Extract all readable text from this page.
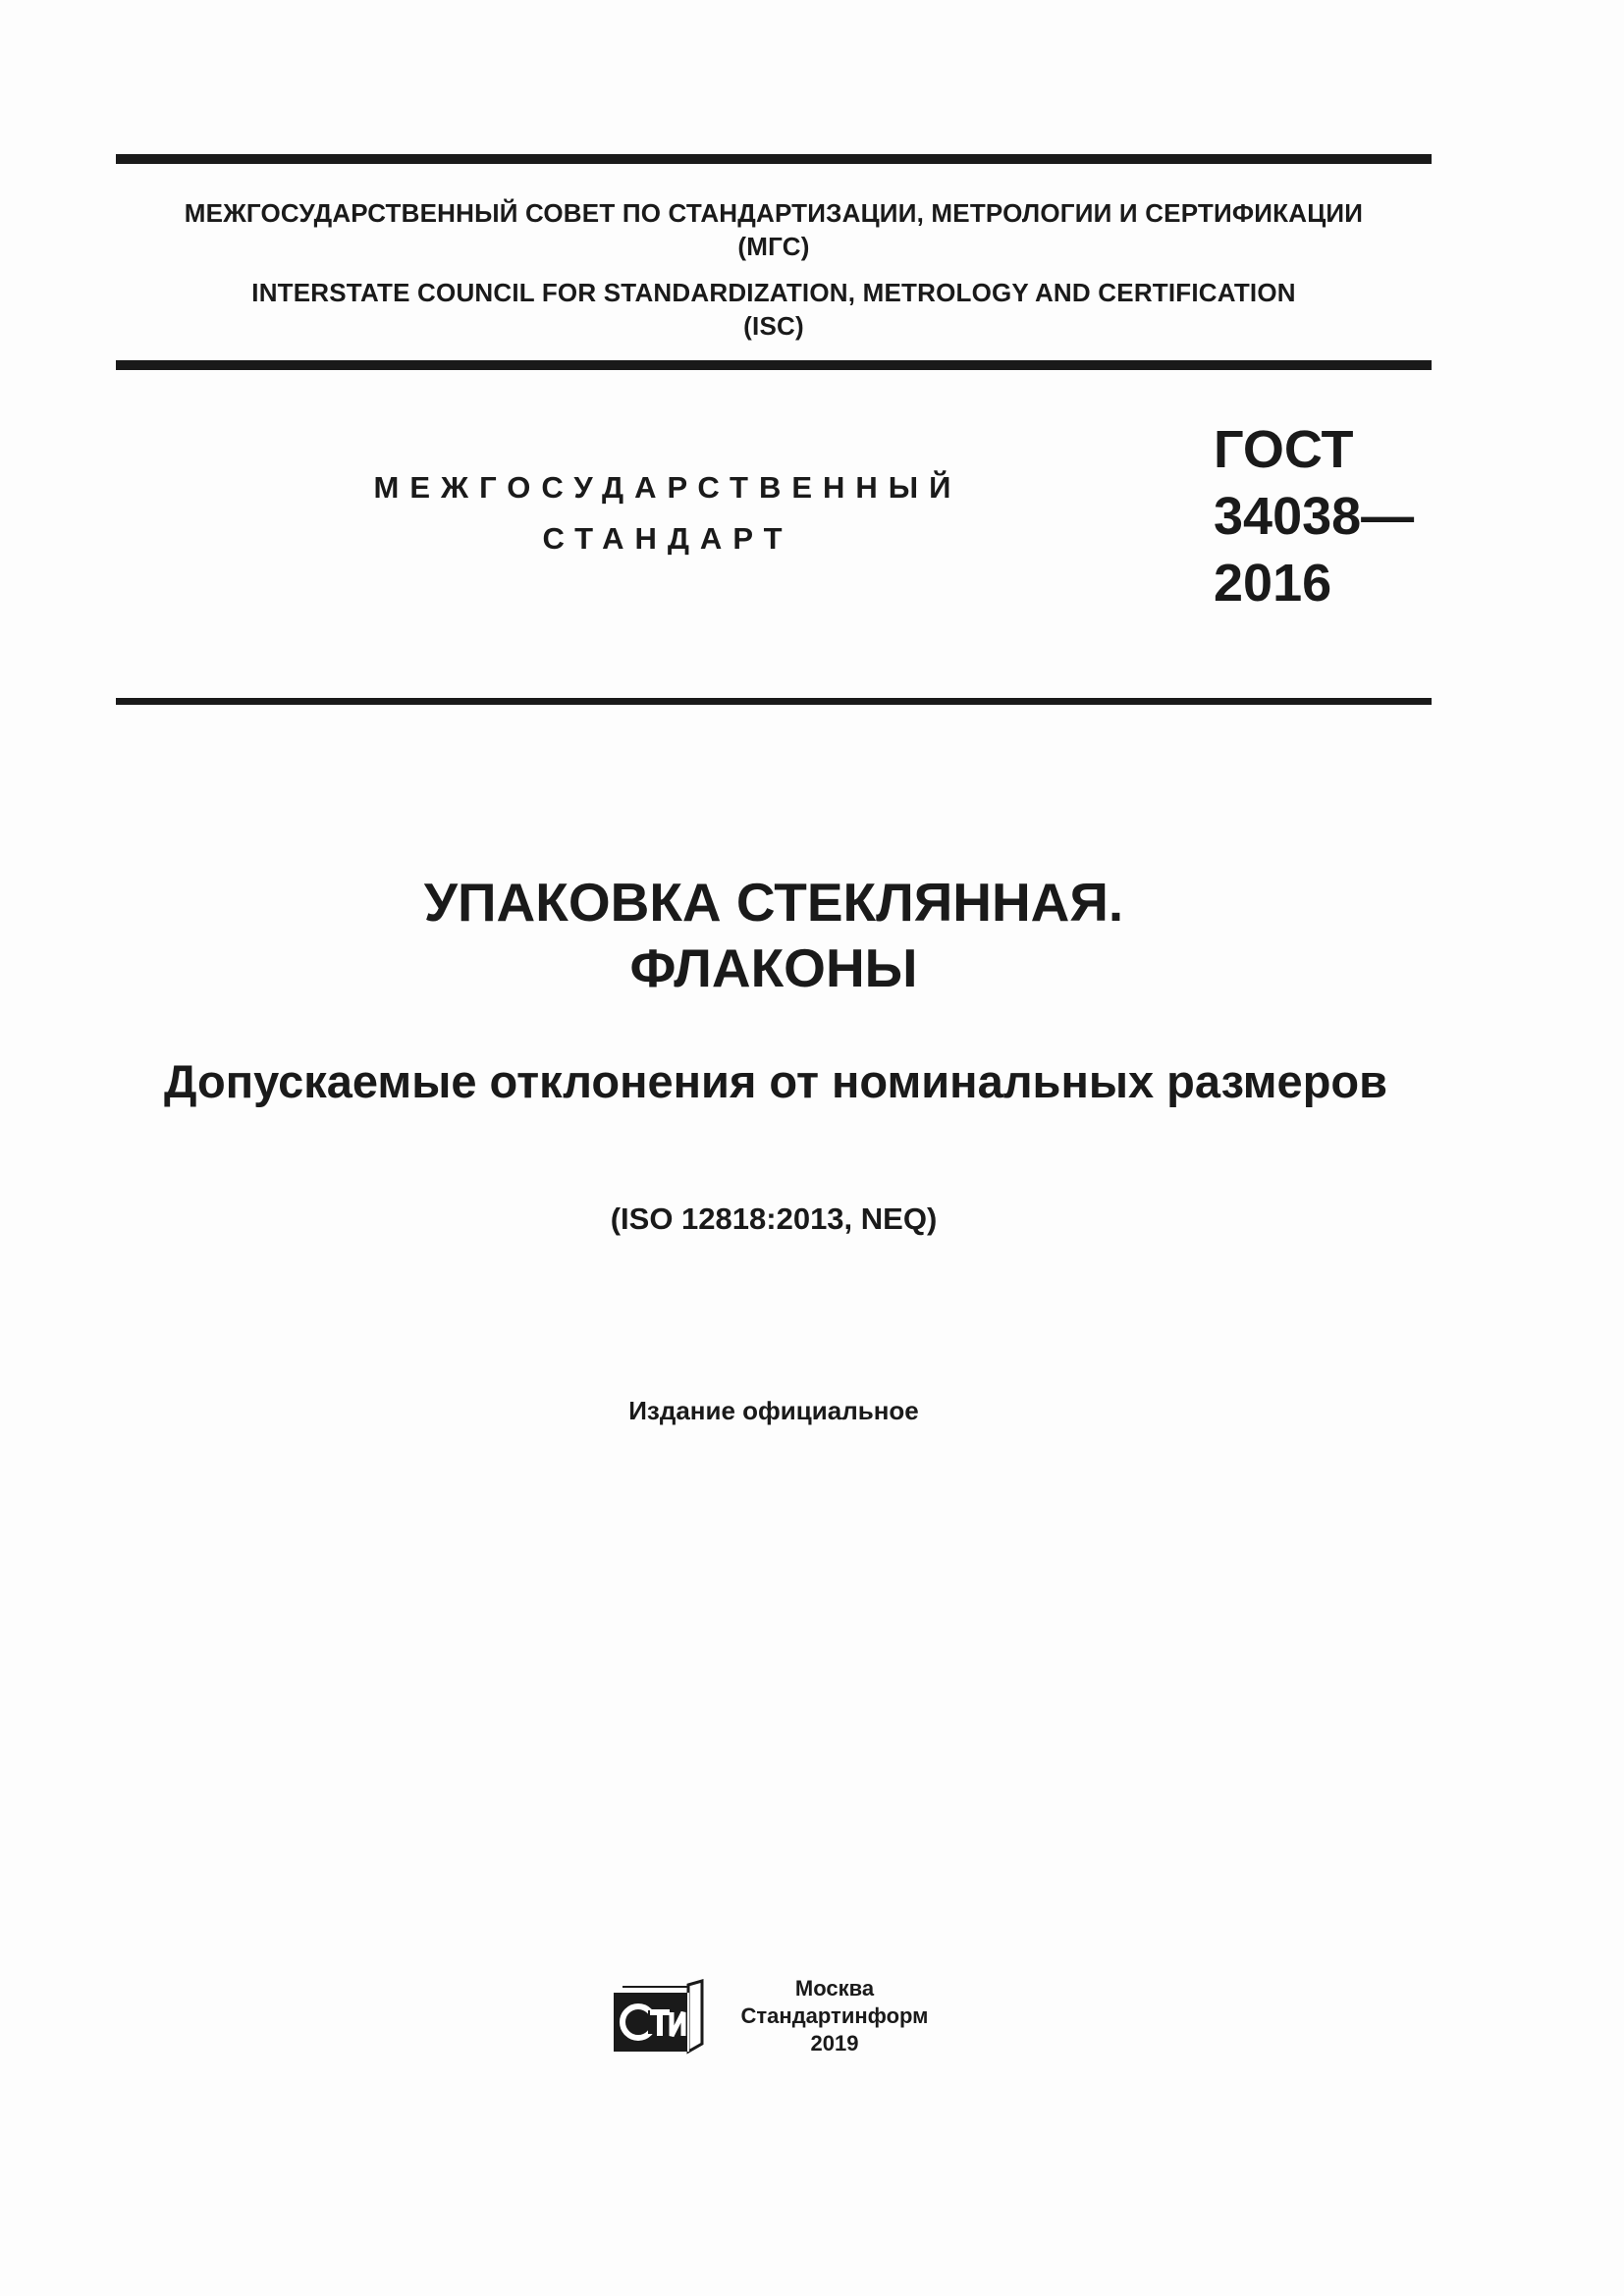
МЕЖГОСУДАРСТВЕННЫЙ СОВЕТ ПО СТАНДАРТИЗАЦИИ, МЕТРОЛОГИИ И СЕРТИФИКАЦИИ
(МГС)
INTERSTATE COUNCIL FOR STANDARDIZATION, METROLOGY AND CERTIFICATION
(ISC)
МЕЖГОСУДАРСТВЕННЫЙ
СТАНДАРТ
ГОСТ
34038—
2016
УПАКОВКА СТЕКЛЯННАЯ.
ФЛАКОНЫ
Допускаемые отклонения от номинальных размеров
(ISO 12818:2013, NEQ)
Издание официальное
Москва
Стандартинформ
2019
